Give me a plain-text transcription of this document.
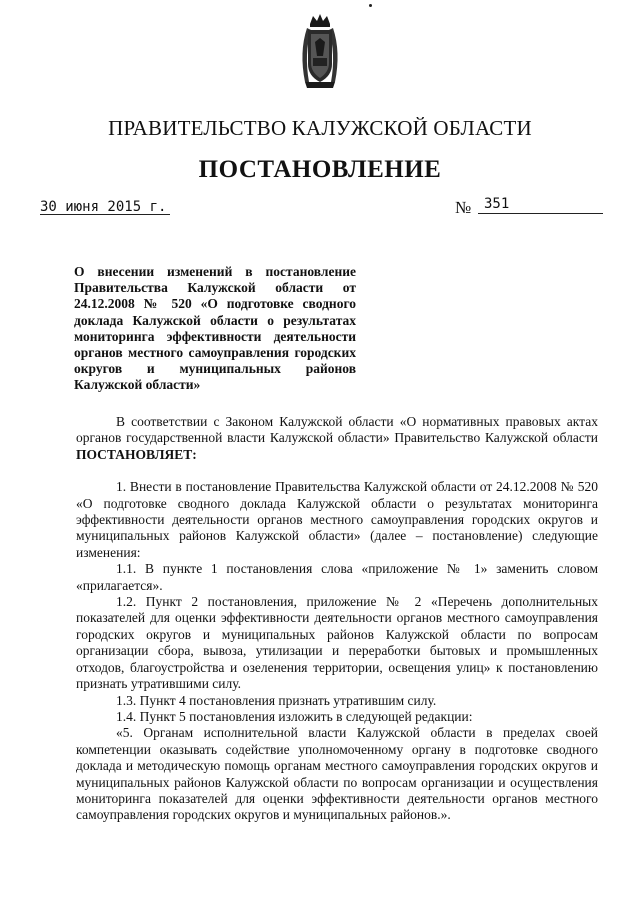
ПРАВИТЕЛЬСТВО КАЛУЖСКОЙ ОБЛАСТИ
ПОСТАНОВЛЕНИЕ
30 июня 2015 г.	№ 351
О внесении изменений в постановление Правительства Калужской области от 24.12.2008 № 520 «О подготовке сводного доклада Калужской области о результатах мониторинга эффективности деятельности органов местного самоуправления городских округов и муниципальных районов Калужской области»

В соответствии с Законом Калужской области «О нормативных правовых актах органов государственной власти Калужской области» Правительство Калужской области ПОСТАНОВЛЯЕТ:

1. Внести в постановление Правительства Калужской области от 24.12.2008 № 520 «О подготовке сводного доклада Калужской области о результатах мониторинга эффективности деятельности органов местного самоуправления городских округов и муниципальных районов Калужской области» (далее – постановление) следующие изменения:

1.1. В пункте 1 постановления слова «приложение № 1» заменить словом «прилагается».

1.2. Пункт 2 постановления, приложение № 2 «Перечень дополнительных показателей для оценки эффективности деятельности органов местного самоуправления городских округов и муниципальных районов Калужской области по вопросам организации сбора, вывоза, утилизации и переработки бытовых и промышленных отходов, благоустройства и озеленения территории, освещения улиц» к постановлению признать утратившими силу.

1.3. Пункт 4 постановления признать утратившим силу.

1.4. Пункт 5 постановления изложить в следующей редакции:

«5. Органам исполнительной власти Калужской области в пределах своей компетенции оказывать содействие уполномоченному органу в подготовке сводного доклада и методическую помощь органам местного самоуправления городских округов и муниципальных районов Калужской области по вопросам организации и осуществления мониторинга показателей для оценки эффективности деятельности органов местного самоуправления городских округов и муниципальных районов.».
